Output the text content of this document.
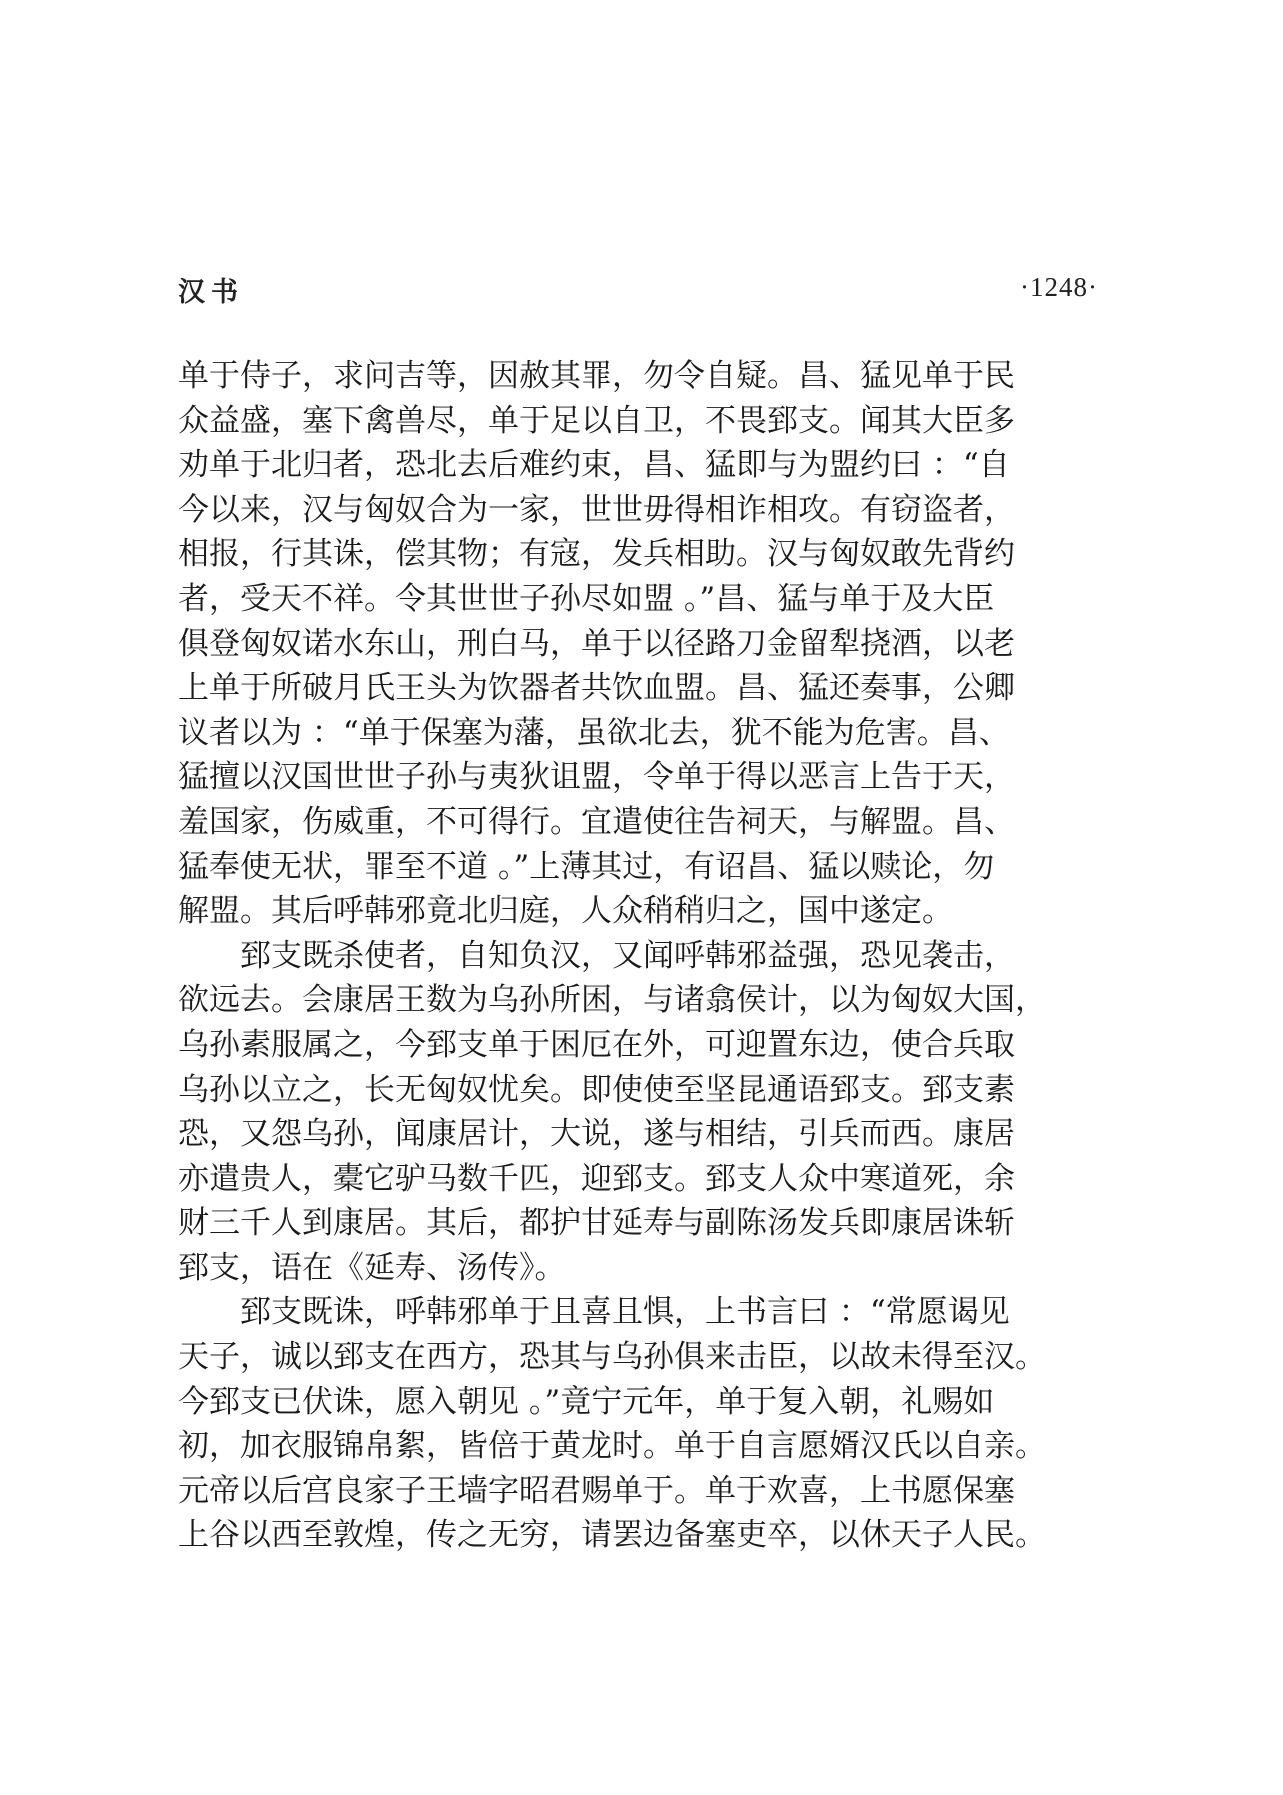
汉书	·1248·
单于侍子，求问吉等，因赦其罪，勿令自疑。昌、猛见单于民
众益盛，塞下禽兽尽，单于足以自卫，不畏郅支。闻其大臣多
劝单于北归者，恐北去后难约束，昌、猛即与为盟约曰 ：“自
今以来，汉与匈奴合为一家，世世毋得相诈相攻。有窃盗者，
相报，行其诛，偿其物；有寇，发兵相助。汉与匈奴敢先背约
者，受天不祥。令其世世子孙尽如盟 。”昌、猛与单于及大臣
俱登匈奴诺水东山，刑白马，单于以径路刀金留犁挠酒，以老
上单于所破月氏王头为饮器者共饮血盟。昌、猛还奏事，公卿
议者以为 ：“单于保塞为藩，虽欲北去，犹不能为危害。昌、
猛擅以汉国世世子孙与夷狄诅盟，令单于得以恶言上告于天，
羞国家，伤威重，不可得行。宜遣使往告祠天，与解盟。昌、
猛奉使无状，罪至不道 。”上薄其过，有诏昌、猛以赎论，勿
解盟。其后呼韩邪竟北归庭，人众稍稍归之，国中遂定。
郅支既杀使者，自知负汉，又闻呼韩邪益强，恐见袭击，
欲远去。会康居王数为乌孙所困，与诸翕侯计，以为匈奴大国，
乌孙素服属之，今郅支单于困厄在外，可迎置东边，使合兵取
乌孙以立之，长无匈奴忧矣。即使使至坚昆通语郅支。郅支素
恐，又怨乌孙，闻康居计，大说，遂与相结，引兵而西。康居
亦遣贵人，橐它驴马数千匹，迎郅支。郅支人众中寒道死，余
财三千人到康居。其后，都护甘延寿与副陈汤发兵即康居诛斩
郅支，语在《延寿、汤传》。
郅支既诛，呼韩邪单于且喜且惧，上书言曰 ：“常愿谒见
天子，诚以郅支在西方，恐其与乌孙俱来击臣，以故未得至汉。
今郅支已伏诛，愿入朝见 。”竟宁元年，单于复入朝，礼赐如
初，加衣服锦帛絮，皆倍于黄龙时。单于自言愿婿汉氏以自亲。
元帝以后宫良家子王墙字昭君赐单于。单于欢喜，上书愿保塞
上谷以西至敦煌，传之无穷，请罢边备塞吏卒，以休天子人民。
